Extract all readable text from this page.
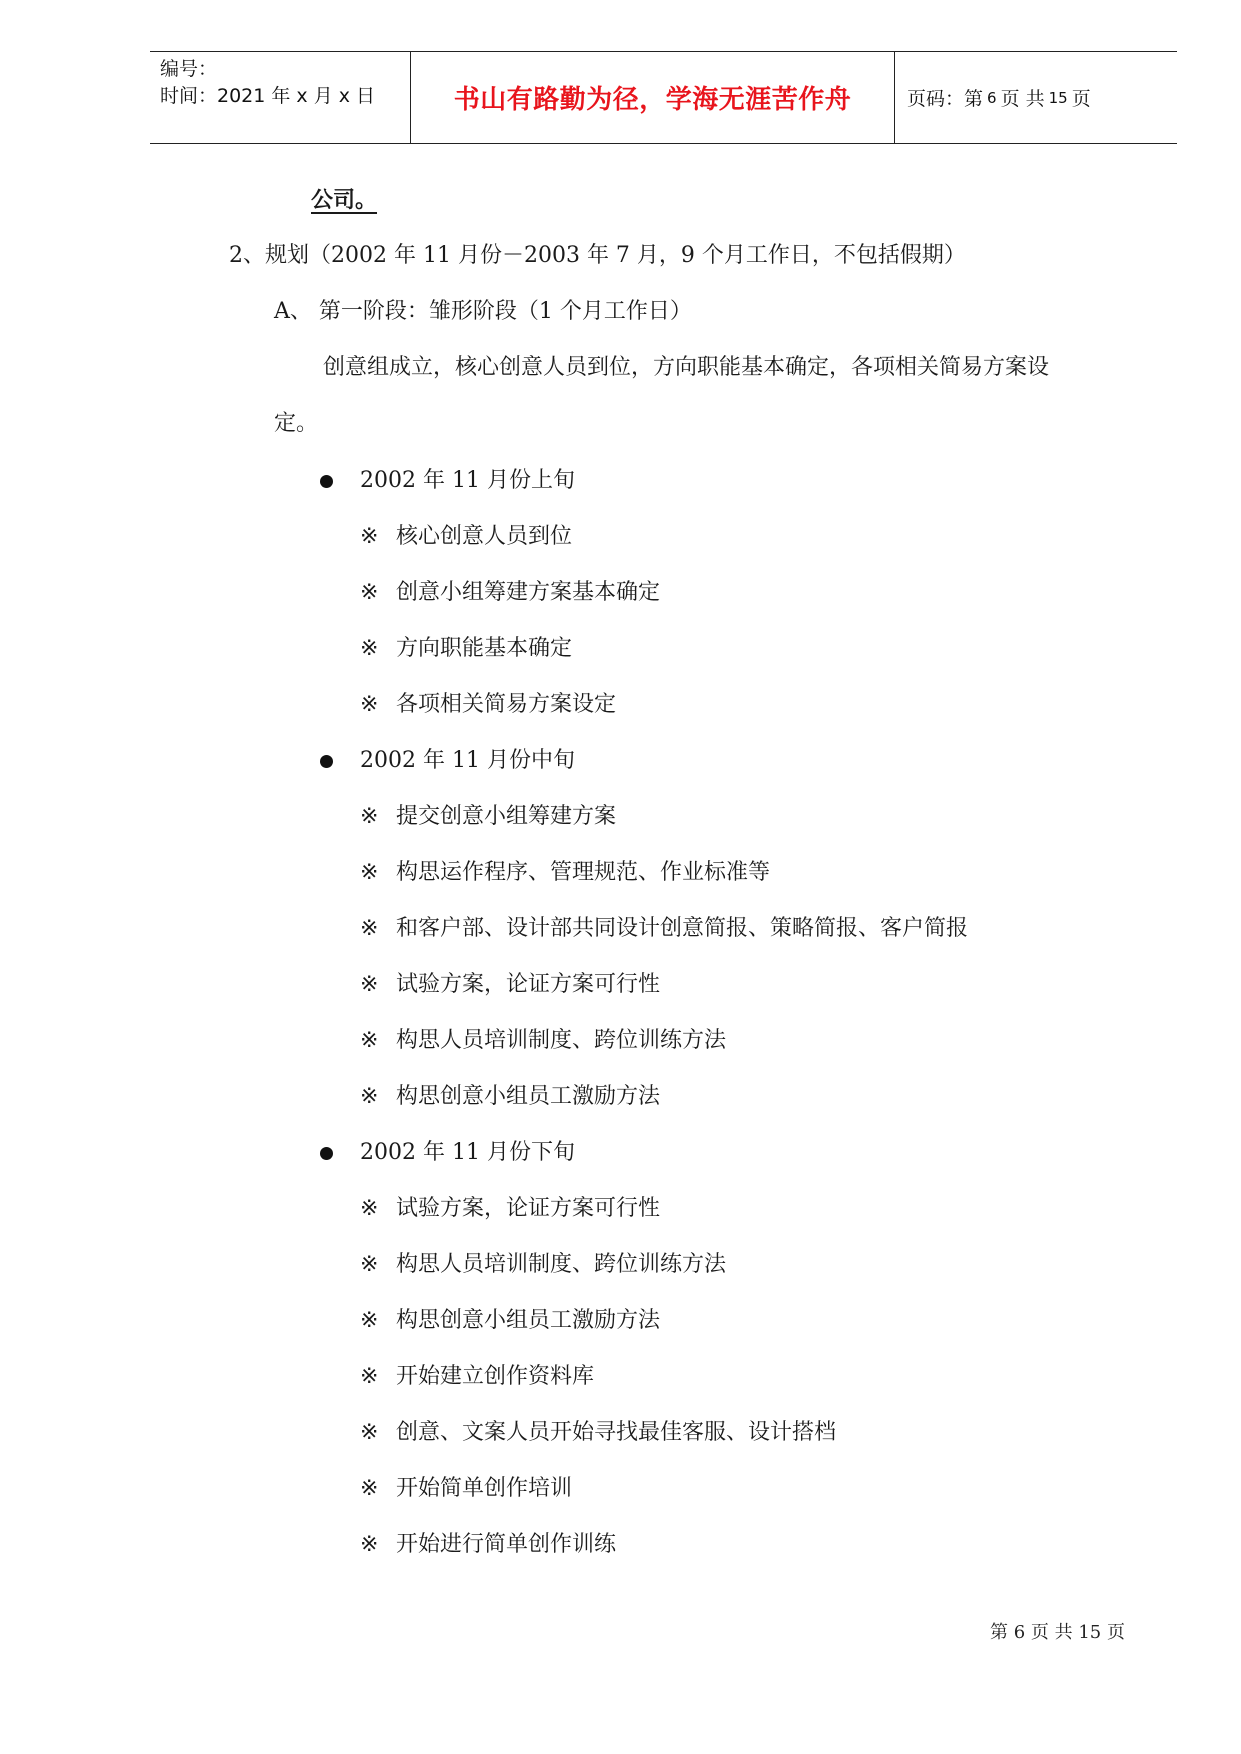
编号：
时间：2021 年 x 月 x 日	书山有路勤为径，学海无涯苦作舟	页码：第 6 页 共 15 页
公司。
2、规划（2002 年 11 月份－2003 年 7 月，9 个月工作日，不包括假期）
A、 第一阶段：雏形阶段（1 个月工作日）
创意组成立，核心创意人员到位，方向职能基本确定，各项相关简易方案设
定。
2002 年 11 月份上旬
※ 核心创意人员到位
※ 创意小组筹建方案基本确定
※ 方向职能基本确定
※ 各项相关简易方案设定
2002 年 11 月份中旬
※ 提交创意小组筹建方案
※ 构思运作程序、管理规范、作业标准等
※ 和客户部、设计部共同设计创意简报、策略简报、客户简报
※ 试验方案，论证方案可行性
※ 构思人员培训制度、跨位训练方法
※ 构思创意小组员工激励方法
2002 年 11 月份下旬
※ 试验方案，论证方案可行性
※ 构思人员培训制度、跨位训练方法
※ 构思创意小组员工激励方法
※ 开始建立创作资料库
※ 创意、文案人员开始寻找最佳客服、设计搭档
※ 开始简单创作培训
※ 开始进行简单创作训练
第 6 页 共 15 页
